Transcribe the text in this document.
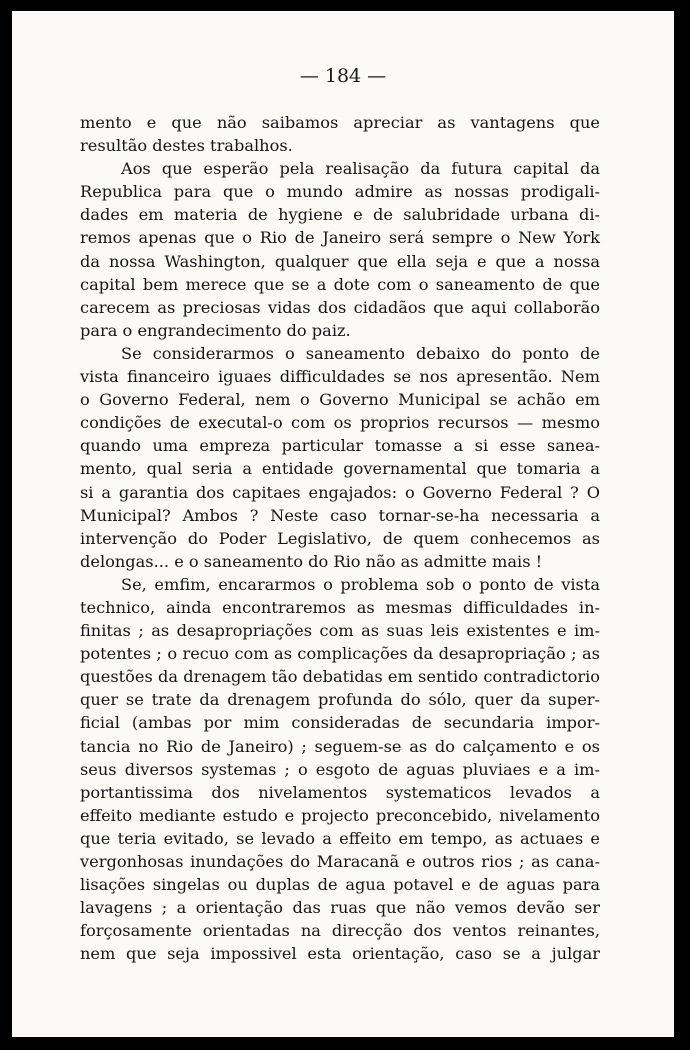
— 184 —
mento e que não saibamos apreciar as vantagens que
resultão destes trabalhos.
Aos que esperão pela realisação da futura capital da
Republica para que o mundo admire as nossas prodigali-
dades em materia de hygiene e de salubridade urbana di-
remos apenas que o Rio de Janeiro será sempre o New York
da nossa Washington, qualquer que ella seja e que a nossa
capital bem merece que se a dote com o saneamento de que
carecem as preciosas vidas dos cidadãos que aqui collaborão
para o engrandecimento do paiz.
Se considerarmos o saneamento debaixo do ponto de
vista financeiro iguaes difficuldades se nos apresentão. Nem
o Governo Federal, nem o Governo Municipal se achão em
condições de executal-o com os proprios recursos — mesmo
quando uma empreza particular tomasse a si esse sanea-
mento, qual seria a entidade governamental que tomaria a
si a garantia dos capitaes engajados: o Governo Federal ? O
Municipal? Ambos ? Neste caso tornar-se-ha necessaria a
intervenção do Poder Legislativo, de quem conhecemos as
delongas... e o saneamento do Rio não as admitte mais !
Se, emfim, encararmos o problema sob o ponto de vista
technico, ainda encontraremos as mesmas difficuldades in-
finitas ; as desapropriações com as suas leis existentes e im-
potentes ; o recuo com as complicações da desapropriação ; as
questões da drenagem tão debatidas em sentido contradictorio
quer se trate da drenagem profunda do sólo, quer da super-
ficial (ambas por mim consideradas de secundaria impor-
tancia no Rio de Janeiro) ; seguem-se as do calçamento e os
seus diversos systemas ; o esgoto de aguas pluviaes e a im-
portantissima dos nivelamentos systematicos levados a
effeito mediante estudo e projecto preconcebido, nivelamento
que teria evitado, se levado a effeito em tempo, as actuaes e
vergonhosas inundações do Maracanã e outros rios ; as cana-
lisações singelas ou duplas de agua potavel e de aguas para
lavagens ; a orientação das ruas que não vemos devão ser
forçosamente orientadas na direcção dos ventos reinantes,
nem que seja impossivel esta orientação, caso se a julgar
